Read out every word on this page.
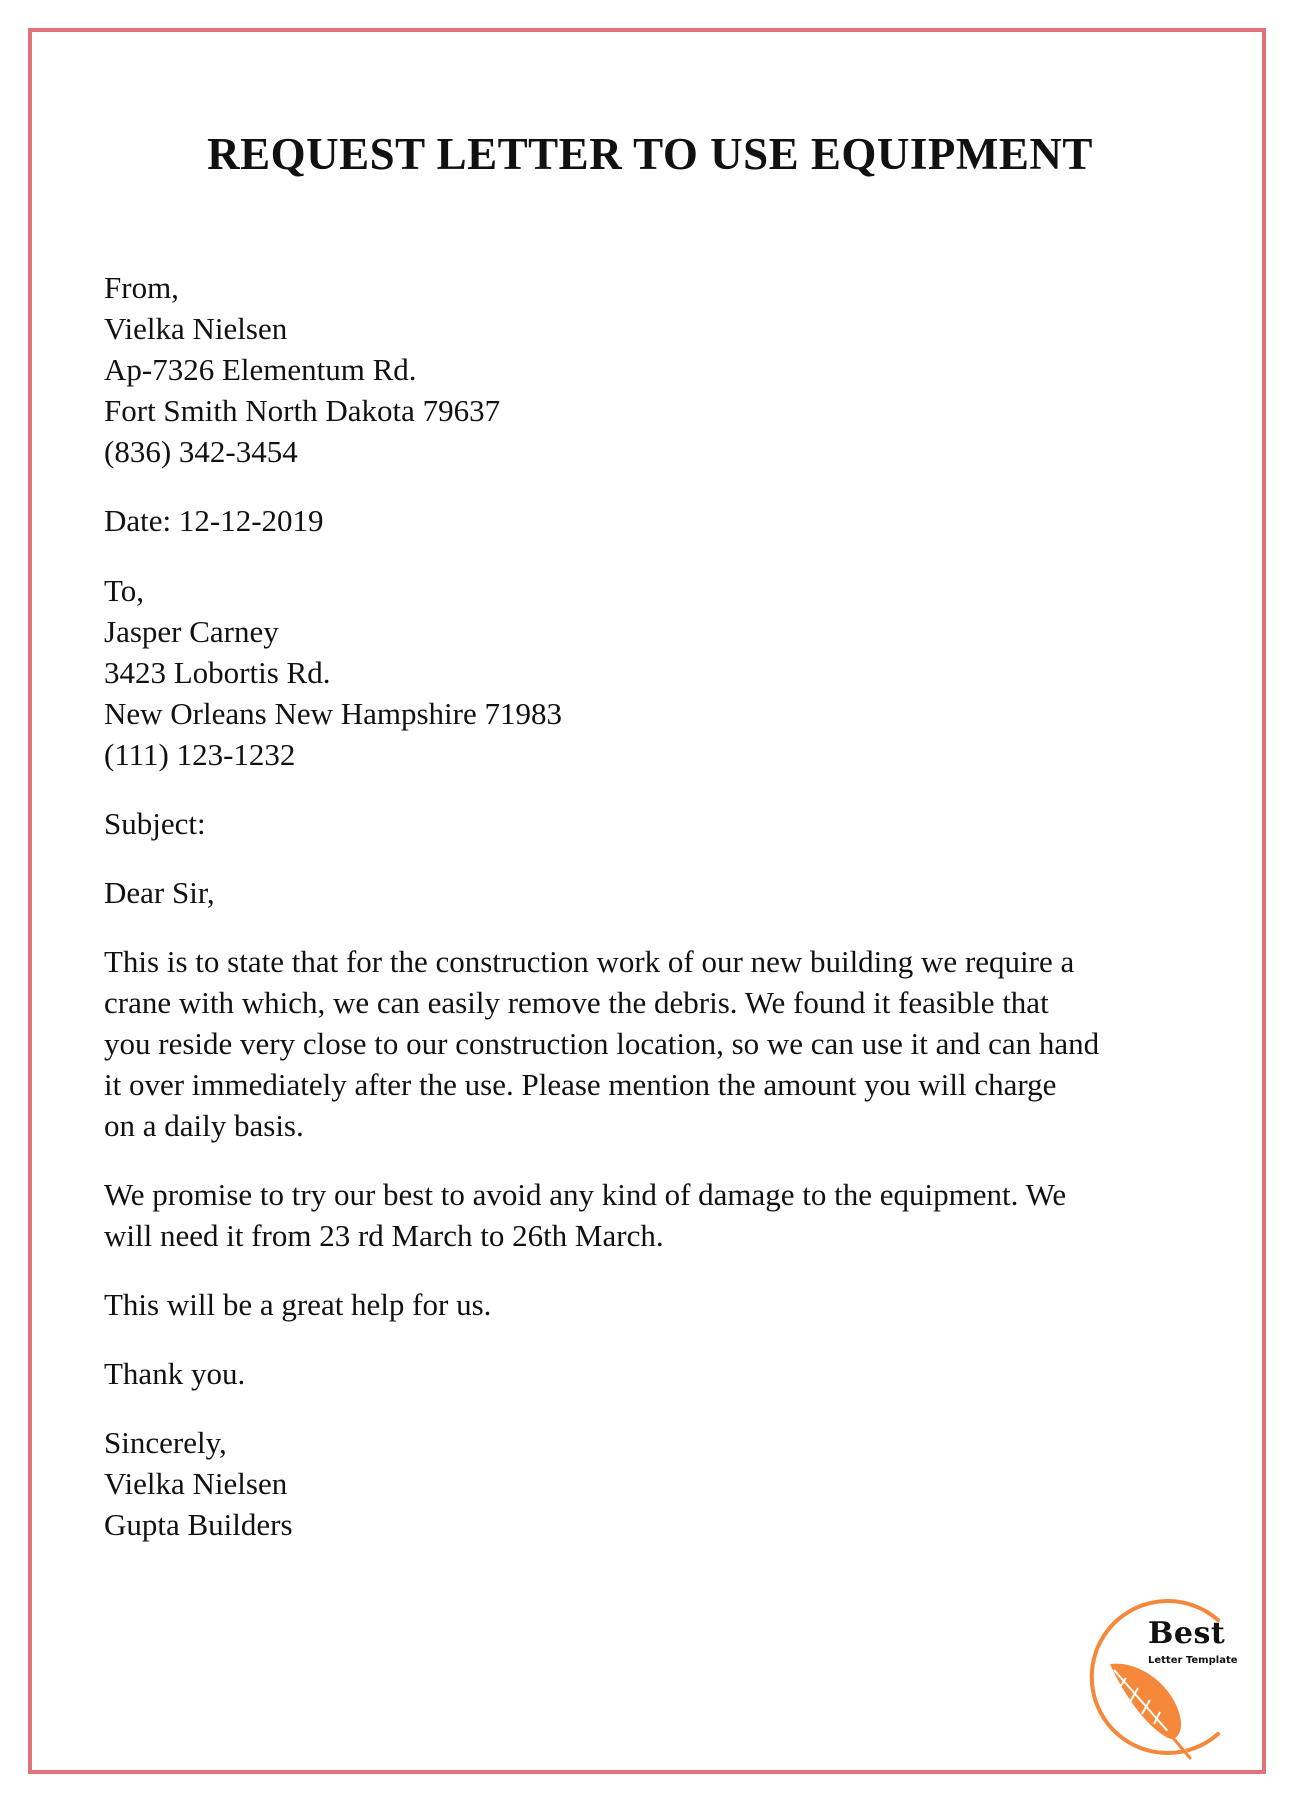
REQUEST LETTER TO USE EQUIPMENT
From,
Vielka Nielsen
Ap-7326 Elementum Rd.
Fort Smith North Dakota 79637
(836) 342-3454
Date: 12-12-2019
To,
Jasper Carney
3423 Lobortis Rd.
New Orleans New Hampshire 71983
(111) 123-1232
Subject:
Dear Sir,
This is to state that for the construction work of our new building we require a
crane with which, we can easily remove the debris. We found it feasible that
you reside very close to our construction location, so we can use it and can hand
it over immediately after the use. Please mention the amount you will charge
on a daily basis.
We promise to try our best to avoid any kind of damage to the equipment. We
will need it from 23 rd March to 26th March.
This will be a great help for us.
Thank you.
Sincerely,
Vielka Nielsen
Gupta Builders
Best
Letter Template
